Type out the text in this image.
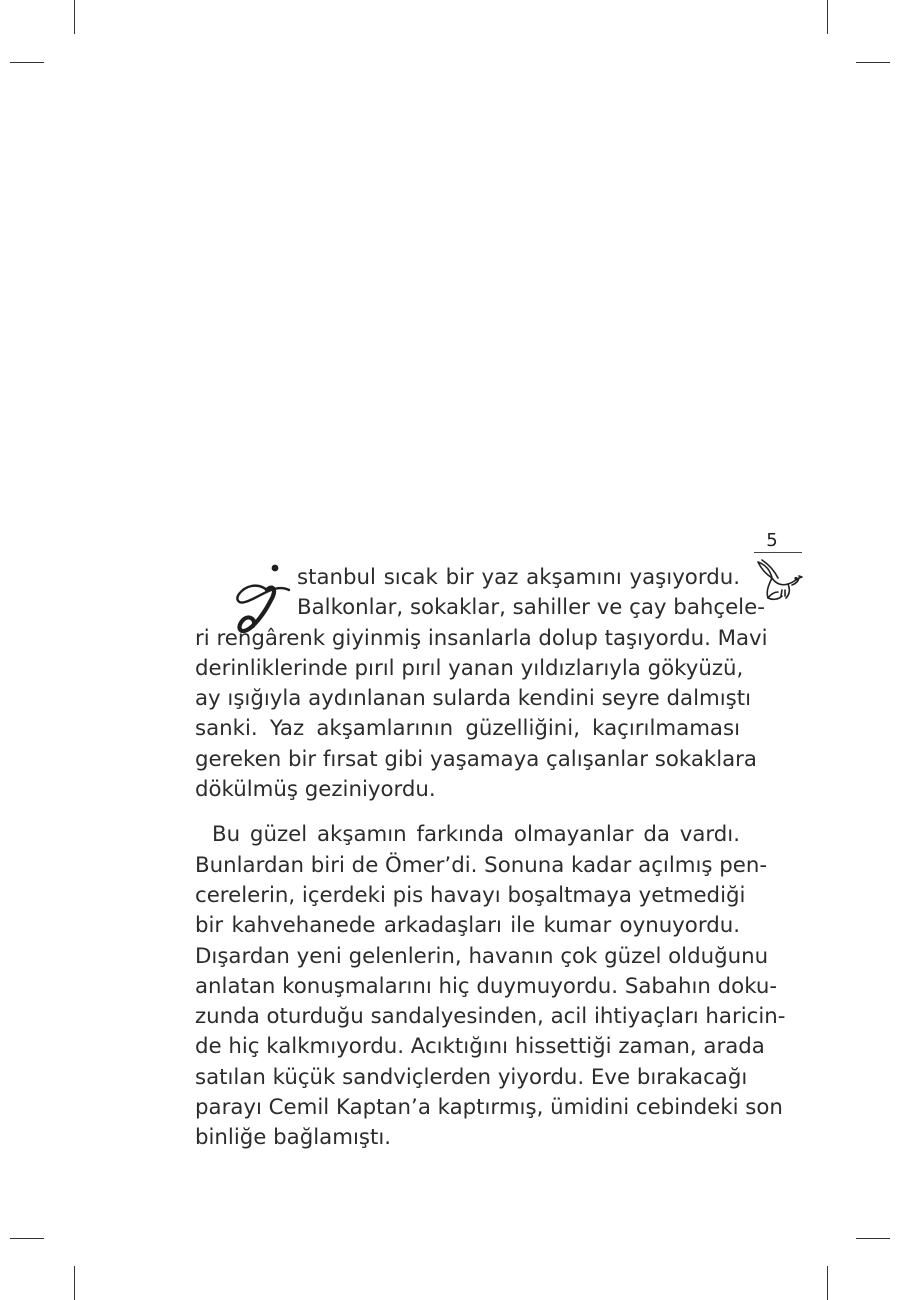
5
stanbul sıcak bir yaz akşamını yaşıyordu.
Balkonlar, sokaklar, sahiller ve çay bahçele-
ri rengârenk giyinmiş insanlarla dolup taşıyordu. Mavi
derinliklerinde pırıl pırıl yanan yıldızlarıyla gökyüzü,
ay ışığıyla aydınlanan sularda kendini seyre dalmıştı
sanki. Yaz akşamlarının güzelliğini, kaçırılmaması
gereken bir fırsat gibi yaşamaya çalışanlar sokaklara
dökülmüş geziniyordu.
Bu güzel akşamın farkında olmayanlar da vardı.
Bunlardan biri de Ömer’di. Sonuna kadar açılmış pen-
cerelerin, içerdeki pis havayı boşaltmaya yetmediği
bir kahvehanede arkadaşları ile kumar oynuyordu.
Dışardan yeni gelenlerin, havanın çok güzel olduğunu
anlatan konuşmalarını hiç duymuyordu. Sabahın doku-
zunda oturduğu sandalyesinden, acil ihtiyaçları haricin-
de hiç kalkmıyordu. Acıktığını hissettiği zaman, arada
satılan küçük sandviçlerden yiyordu. Eve bırakacağı
parayı Cemil Kaptan’a kaptırmış, ümidini cebindeki son
binliğe bağlamıştı.
